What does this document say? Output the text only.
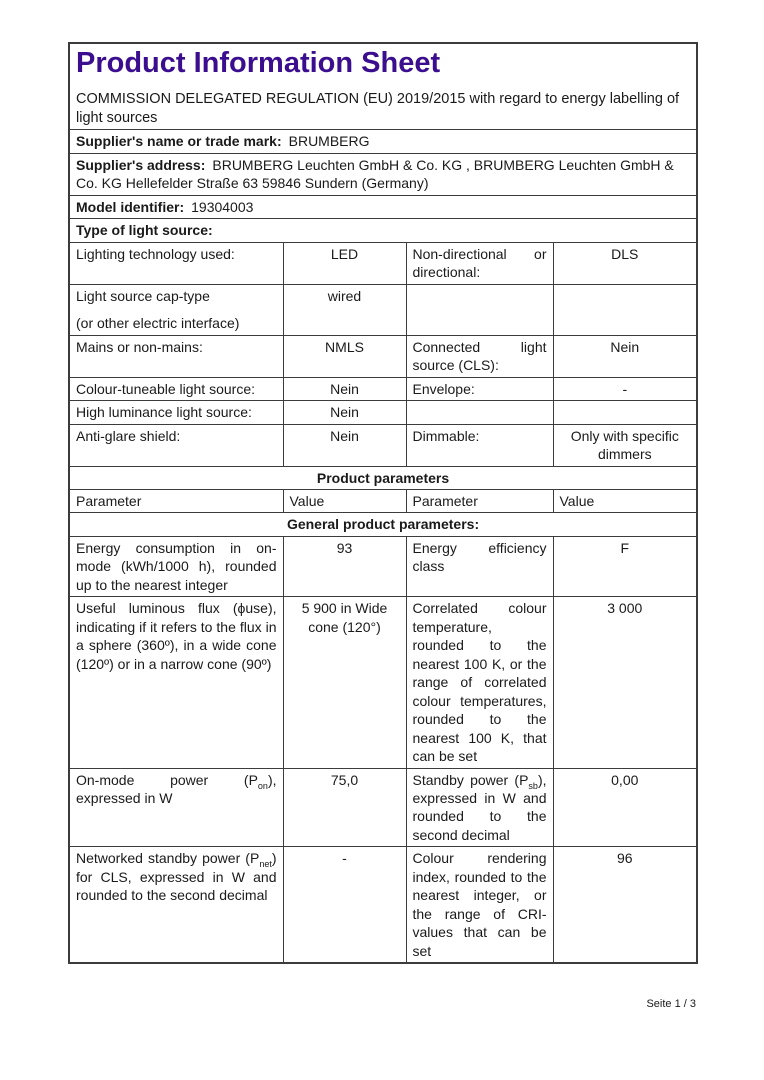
Product Information Sheet
COMMISSION DELEGATED REGULATION (EU) 2019/2015 with regard to energy labelling of light sources			

Supplier's name or trade mark: BRUMBERG			
Supplier's address: BRUMBERG Leuchten GmbH & Co. KG , BRUMBERG Leuchten GmbH & Co. KG Hellefelder Straße 63 59846 Sundern (Germany)			
Model identifier: 19304003			
Type of light source:			
Lighting technology used:	LED	Non-directional or directional:	DLS

Light source cap-type
(or other electric interface)	wired		
Mains or non-mains:	NMLS	Connected light source (CLS):	Nein
Colour-tuneable light source:	Nein	Envelope:	-
High luminance light source:	Nein		
Anti-glare shield:	Nein	Dimmable:	Only with specific dimmers
Product parameters			
Parameter	Value	Parameter	Value
General product parameters:			
Energy consumption in on-mode (kWh/1000 h), rounded up to the nearest integer	93	Energy efficiency class	F
Useful luminous flux (ϕuse), indicating if it refers to the flux in a sphere (360º), in a wide cone (120º) or in a narrow cone (90º)	5 900 in Wide cone (120°)	Correlated colour temperature, rounded to the nearest 100 K, or the range of correlated colour temperatures, rounded to the nearest 100 K, that can be set	3 000
On-mode power $(P_{on})$, expressed in W	75,0	Standby power $(P_{sb})$, expressed in W and rounded to the second decimal	0,00
Networked standby power $(P_{net})$ for CLS, expressed in W and rounded to the second decimal	-	Colour rendering index, rounded to the nearest integer, or the range of CRI-values that can be set	96
Seite 1 / 3
